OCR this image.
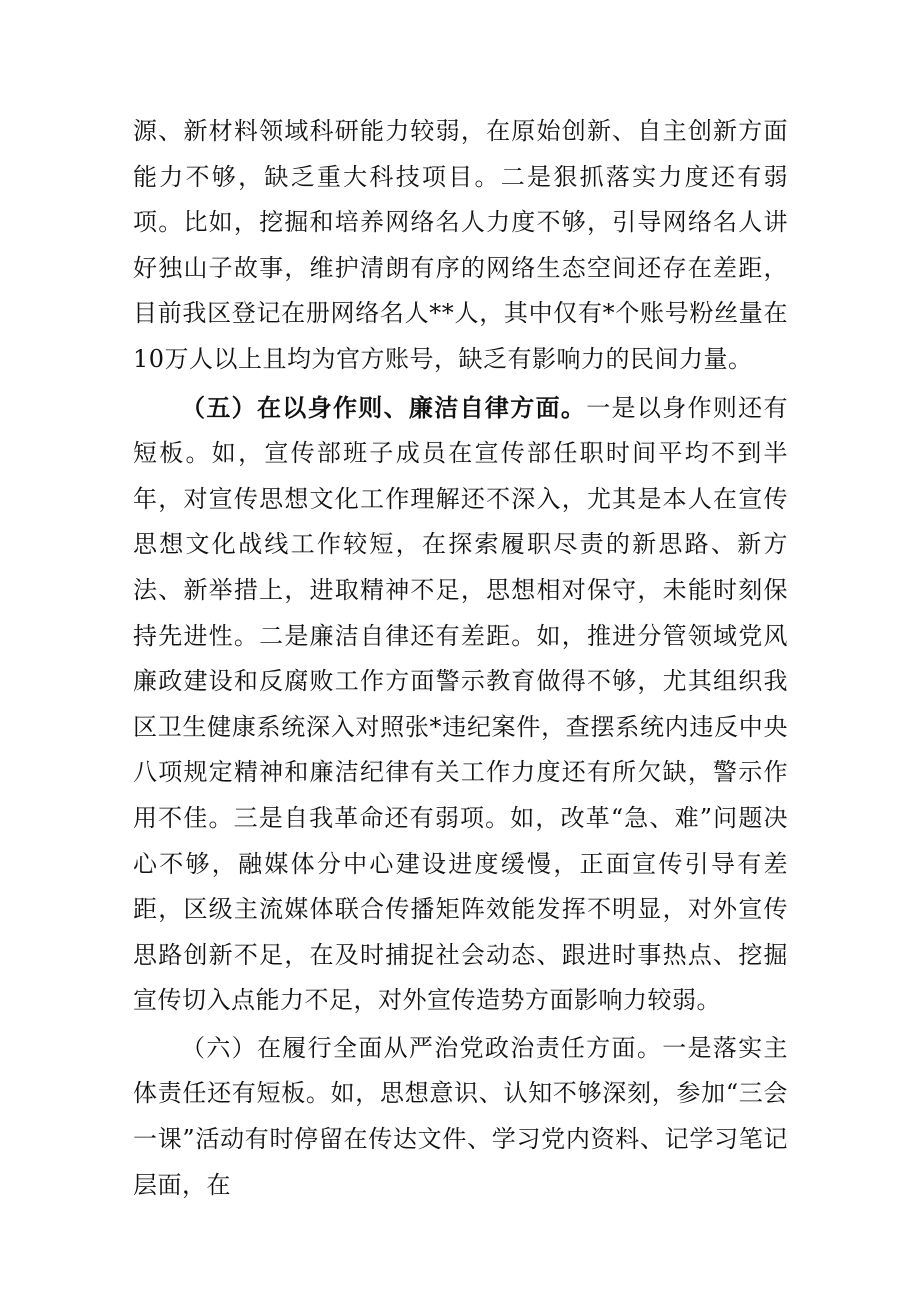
源、新材料领域科研能力较弱，在原始创新、自主创新方面能力不够，缺乏重大科技项目。二是狠抓落实力度还有弱项。比如，挖掘和培养网络名人力度不够，引导网络名人讲好独山子故事，维护清朗有序的网络生态空间还存在差距，目前我区登记在册网络名人**人，其中仅有*个账号粉丝量在10万人以上且均为官方账号，缺乏有影响力的民间力量。

（五）在以身作则、廉洁自律方面。一是以身作则还有短板。如，宣传部班子成员在宣传部任职时间平均不到半年，对宣传思想文化工作理解还不深入，尤其是本人在宣传思想文化战线工作较短，在探索履职尽责的新思路、新方法、新举措上，进取精神不足，思想相对保守，未能时刻保持先进性。二是廉洁自律还有差距。如，推进分管领域党风廉政建设和反腐败工作方面警示教育做得不够，尤其组织我区卫生健康系统深入对照张*违纪案件，查摆系统内违反中央八项规定精神和廉洁纪律有关工作力度还有所欠缺，警示作用不佳。三是自我革命还有弱项。如，改革“急、难”问题决心不够，融媒体分中心建设进度缓慢，正面宣传引导有差距，区级主流媒体联合传播矩阵效能发挥不明显，对外宣传思路创新不足，在及时捕捉社会动态、跟进时事热点、挖掘宣传切入点能力不足，对外宣传造势方面影响力较弱。

（六）在履行全面从严治党政治责任方面。一是落实主体责任还有短板。如，思想意识、认知不够深刻，参加“三会一课”活动有时停留在传达文件、学习党内资料、记学习笔记层面，在
